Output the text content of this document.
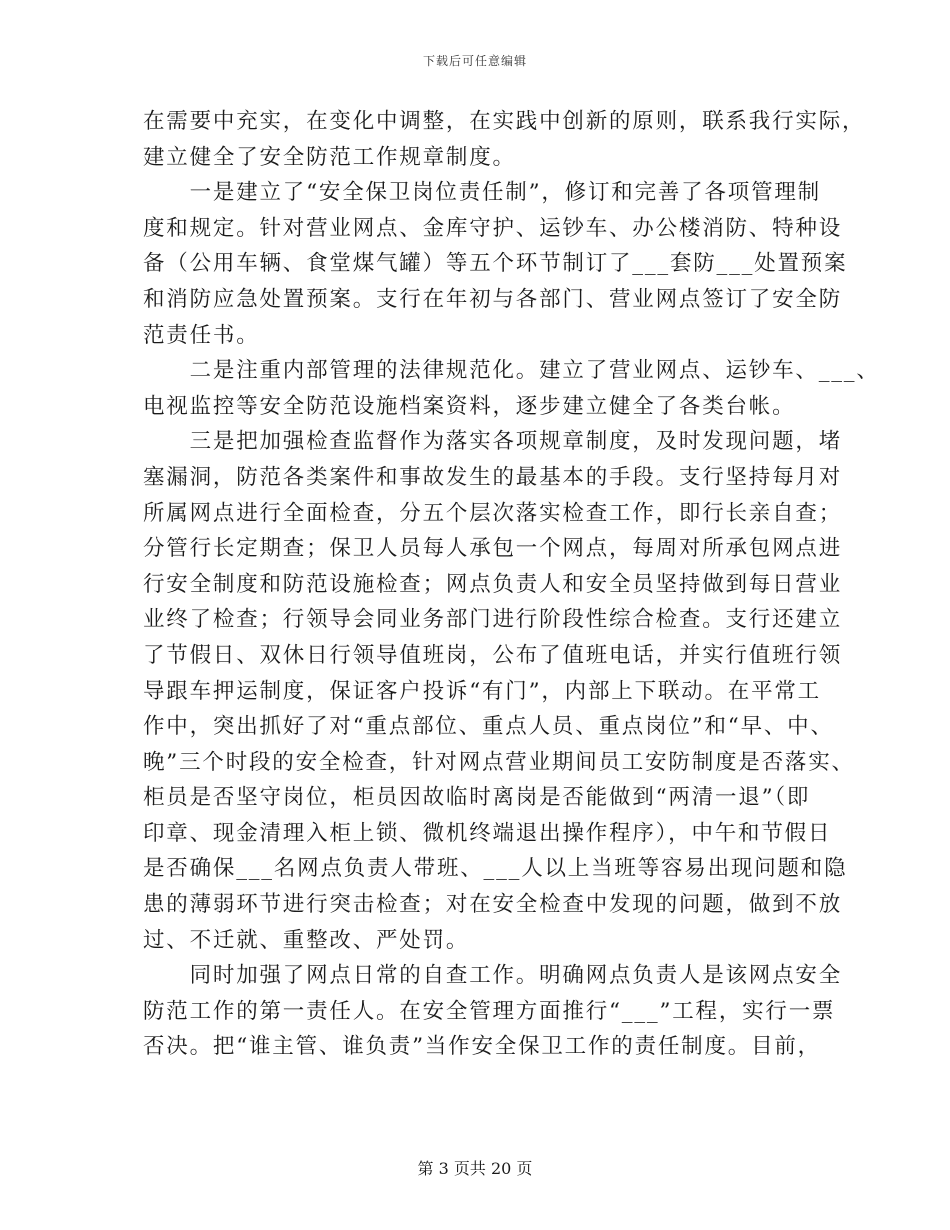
下载后可任意编辑
在需要中充实，在变化中调整，在实践中创新的原则，联系我行实际，
建立健全了安全防范工作规章制度。
　　一是建立了“安全保卫岗位责任制”，修订和完善了各项管理制
度和规定。针对营业网点、金库守护、运钞车、办公楼消防、特种设
备（公用车辆、食堂煤气罐）等五个环节制订了___套防___处置预案
和消防应急处置预案。支行在年初与各部门、营业网点签订了安全防
范责任书。
　　二是注重内部管理的法律规范化。建立了营业网点、运钞车、___、
电视监控等安全防范设施档案资料，逐步建立健全了各类台帐。
　　三是把加强检查监督作为落实各项规章制度，及时发现问题，堵
塞漏洞，防范各类案件和事故发生的最基本的手段。支行坚持每月对
所属网点进行全面检查，分五个层次落实检查工作，即行长亲自查；
分管行长定期查；保卫人员每人承包一个网点，每周对所承包网点进
行安全制度和防范设施检查；网点负责人和安全员坚持做到每日营业
业终了检查；行领导会同业务部门进行阶段性综合检查。支行还建立
了节假日、双休日行领导值班岗，公布了值班电话，并实行值班行领
导跟车押运制度，保证客户投诉“有门”，内部上下联动。在平常工
作中，突出抓好了对“重点部位、重点人员、重点岗位”和“早、中、
晚”三个时段的安全检查，针对网点营业期间员工安防制度是否落实、
柜员是否坚守岗位，柜员因故临时离岗是否能做到“两清一退”（即
印章、现金清理入柜上锁、微机终端退出操作程序），中午和节假日
是否确保___名网点负责人带班、___人以上当班等容易出现问题和隐
患的薄弱环节进行突击检查；对在安全检查中发现的问题，做到不放
过、不迁就、重整改、严处罚。
　　同时加强了网点日常的自查工作。明确网点负责人是该网点安全
防范工作的第一责任人。在安全管理方面推行“___”工程，实行一票
否决。把“谁主管、谁负责”当作安全保卫工作的责任制度。目前，
第 3 页共 20 页
